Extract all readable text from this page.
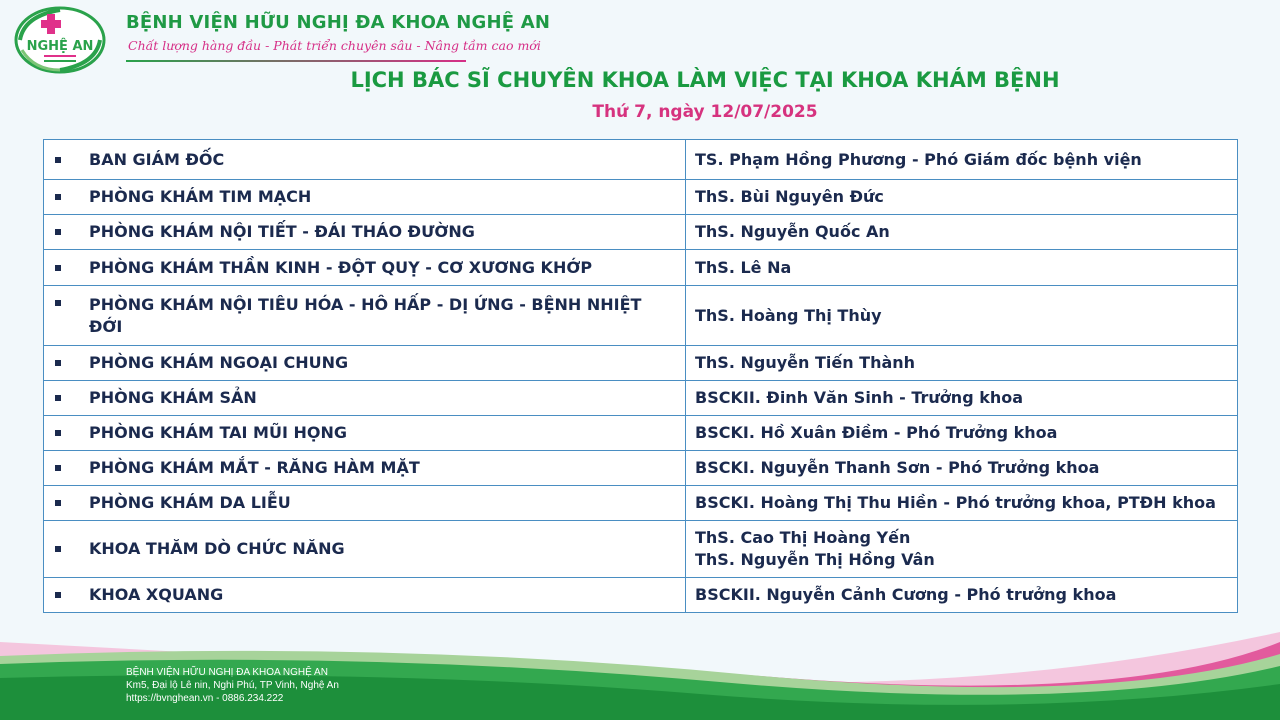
NGHỆ AN
BỆNH VIỆN HỮU NGHỊ ĐA KHOA NGHỆ AN
Chất lượng hàng đầu - Phát triển chuyên sâu - Nâng tầm cao mới
LỊCH BÁC SĨ CHUYÊN KHOA LÀM VIỆC TẠI KHOA KHÁM BỆNH
Thứ 7, ngày 12/07/2025
BAN GIÁM ĐỐC	TS. Phạm Hồng Phương - Phó Giám đốc bệnh viện

PHÒNG KHÁM TIM MẠCH	ThS. Bùi Nguyên Đức

PHÒNG KHÁM NỘI TIẾT - ĐÁI THÁO ĐƯỜNG	ThS. Nguyễn Quốc An

PHÒNG KHÁM THẦN KINH - ĐỘT QUỴ - CƠ XƯƠNG KHỚP	ThS. Lê Na

PHÒNG KHÁM NỘI TIÊU HÓA - HÔ HẤP - DỊ ỨNG - BỆNH NHIỆT ĐỚI	ThS. Hoàng Thị Thùy

PHÒNG KHÁM NGOẠI CHUNG	ThS. Nguyễn Tiến Thành

PHÒNG KHÁM SẢN	BSCKII. Đinh Văn Sinh - Trưởng khoa

PHÒNG KHÁM TAI MŨI HỌNG	BSCKI. Hồ Xuân Điềm - Phó Trưởng khoa

PHÒNG KHÁM MẮT - RĂNG HÀM MẶT	BSCKI. Nguyễn Thanh Sơn - Phó Trưởng khoa

PHÒNG KHÁM DA LIỄU	BSCKI. Hoàng Thị Thu Hiền - Phó trưởng khoa, PTĐH khoa

KHOA THĂM DÒ CHỨC NĂNG	ThS. Cao Thị Hoàng Yến
ThS. Nguyễn Thị Hồng Vân

KHOA XQUANG	BSCKII. Nguyễn Cảnh Cương - Phó trưởng khoa
BỆNH VIỆN HỮU NGHỊ ĐA KHOA NGHỆ AN
Km5, Đại lộ Lê nin, Nghi Phú, TP Vinh, Nghệ An
https://bvnghean.vn - 0886.234.222
